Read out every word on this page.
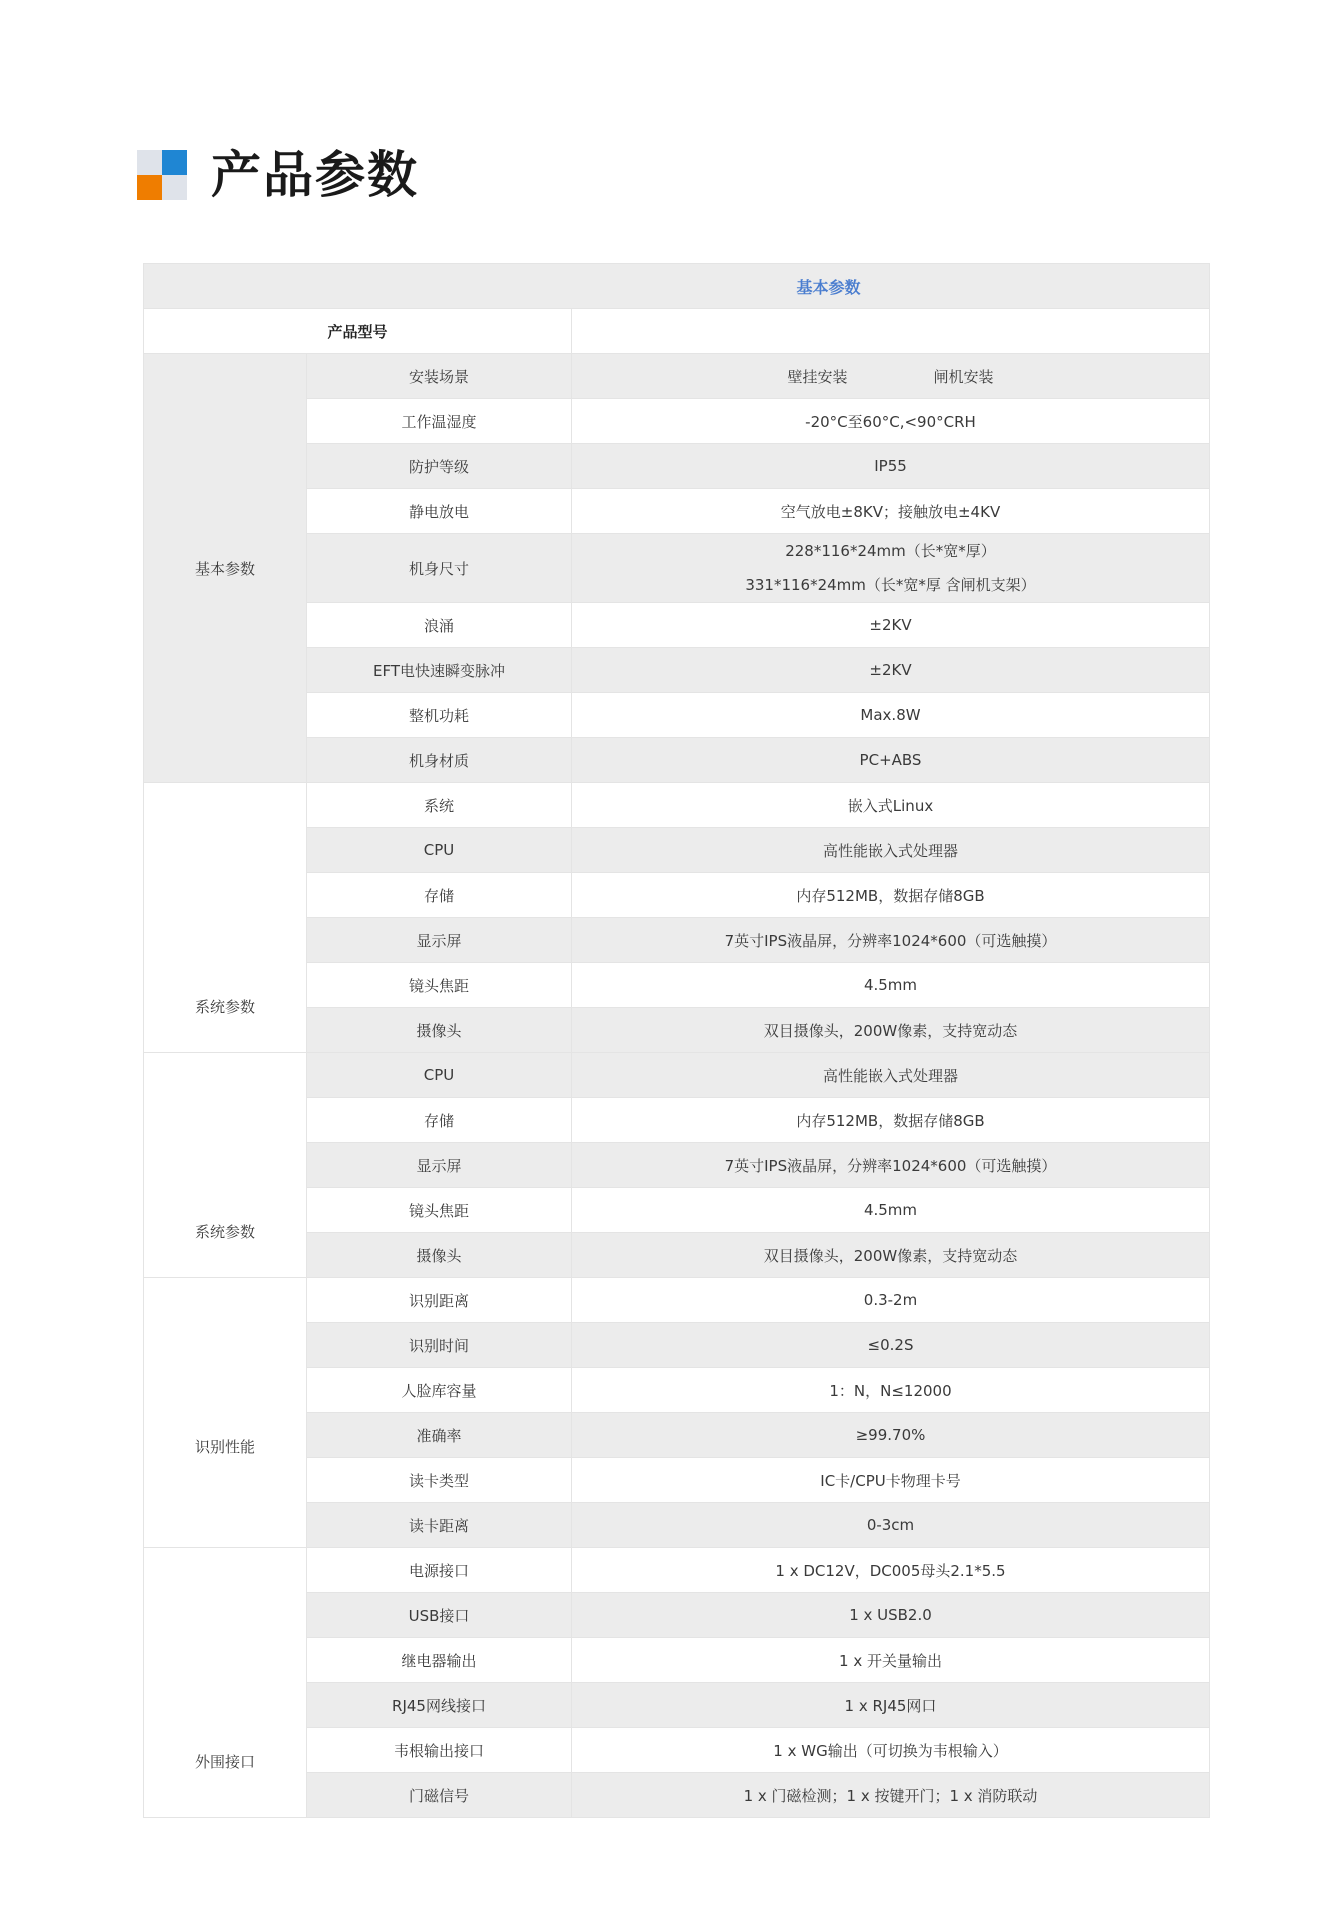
产品参数
基本参数		
产品型号		

基本参数	安装场景	壁挂安装 闸机安装
	工作温湿度	-20°C至60°C,<90°CRH
	防护等级	IP55
	静电放电	空气放电±8KV；接触放电±4KV
	机身尺寸	228*116*24mm（长*宽*厚）
331*116*24mm（长*宽*厚 含闸机支架）

	浪涌	±2KV
	EFT电快速瞬变脉冲	±2KV
	整机功耗	Max.8W
	机身材质	PC+ABS

系统参数	系统	嵌入式Linux
	CPU	高性能嵌入式处理器
	存储	内存512MB，数据存储8GB
	显示屏	7英寸IPS液晶屏，分辨率1024*600（可选触摸）
	镜头焦距	4.5mm
	摄像头	双目摄像头，200W像素，支持宽动态

系统参数	CPU	高性能嵌入式处理器
	存储	内存512MB，数据存储8GB
	显示屏	7英寸IPS液晶屏，分辨率1024*600（可选触摸）
	镜头焦距	4.5mm
	摄像头	双目摄像头，200W像素，支持宽动态

识别性能	识别距离	0.3-2m
	识别时间	≤0.2S
	人脸库容量	1：N，N≤12000
	准确率	≥99.70%
	读卡类型	IC卡/CPU卡物理卡号
	读卡距离	0-3cm

外围接口	电源接口	1 x DC12V，DC005母头2.1*5.5
	USB接口	1 x USB2.0
	继电器输出	1 x 开关量输出
	RJ45网线接口	1 x RJ45网口
	韦根输出接口	1 x WG输出（可切换为韦根输入）
	门磁信号	1 x 门磁检测；1 x 按键开门；1 x 消防联动
